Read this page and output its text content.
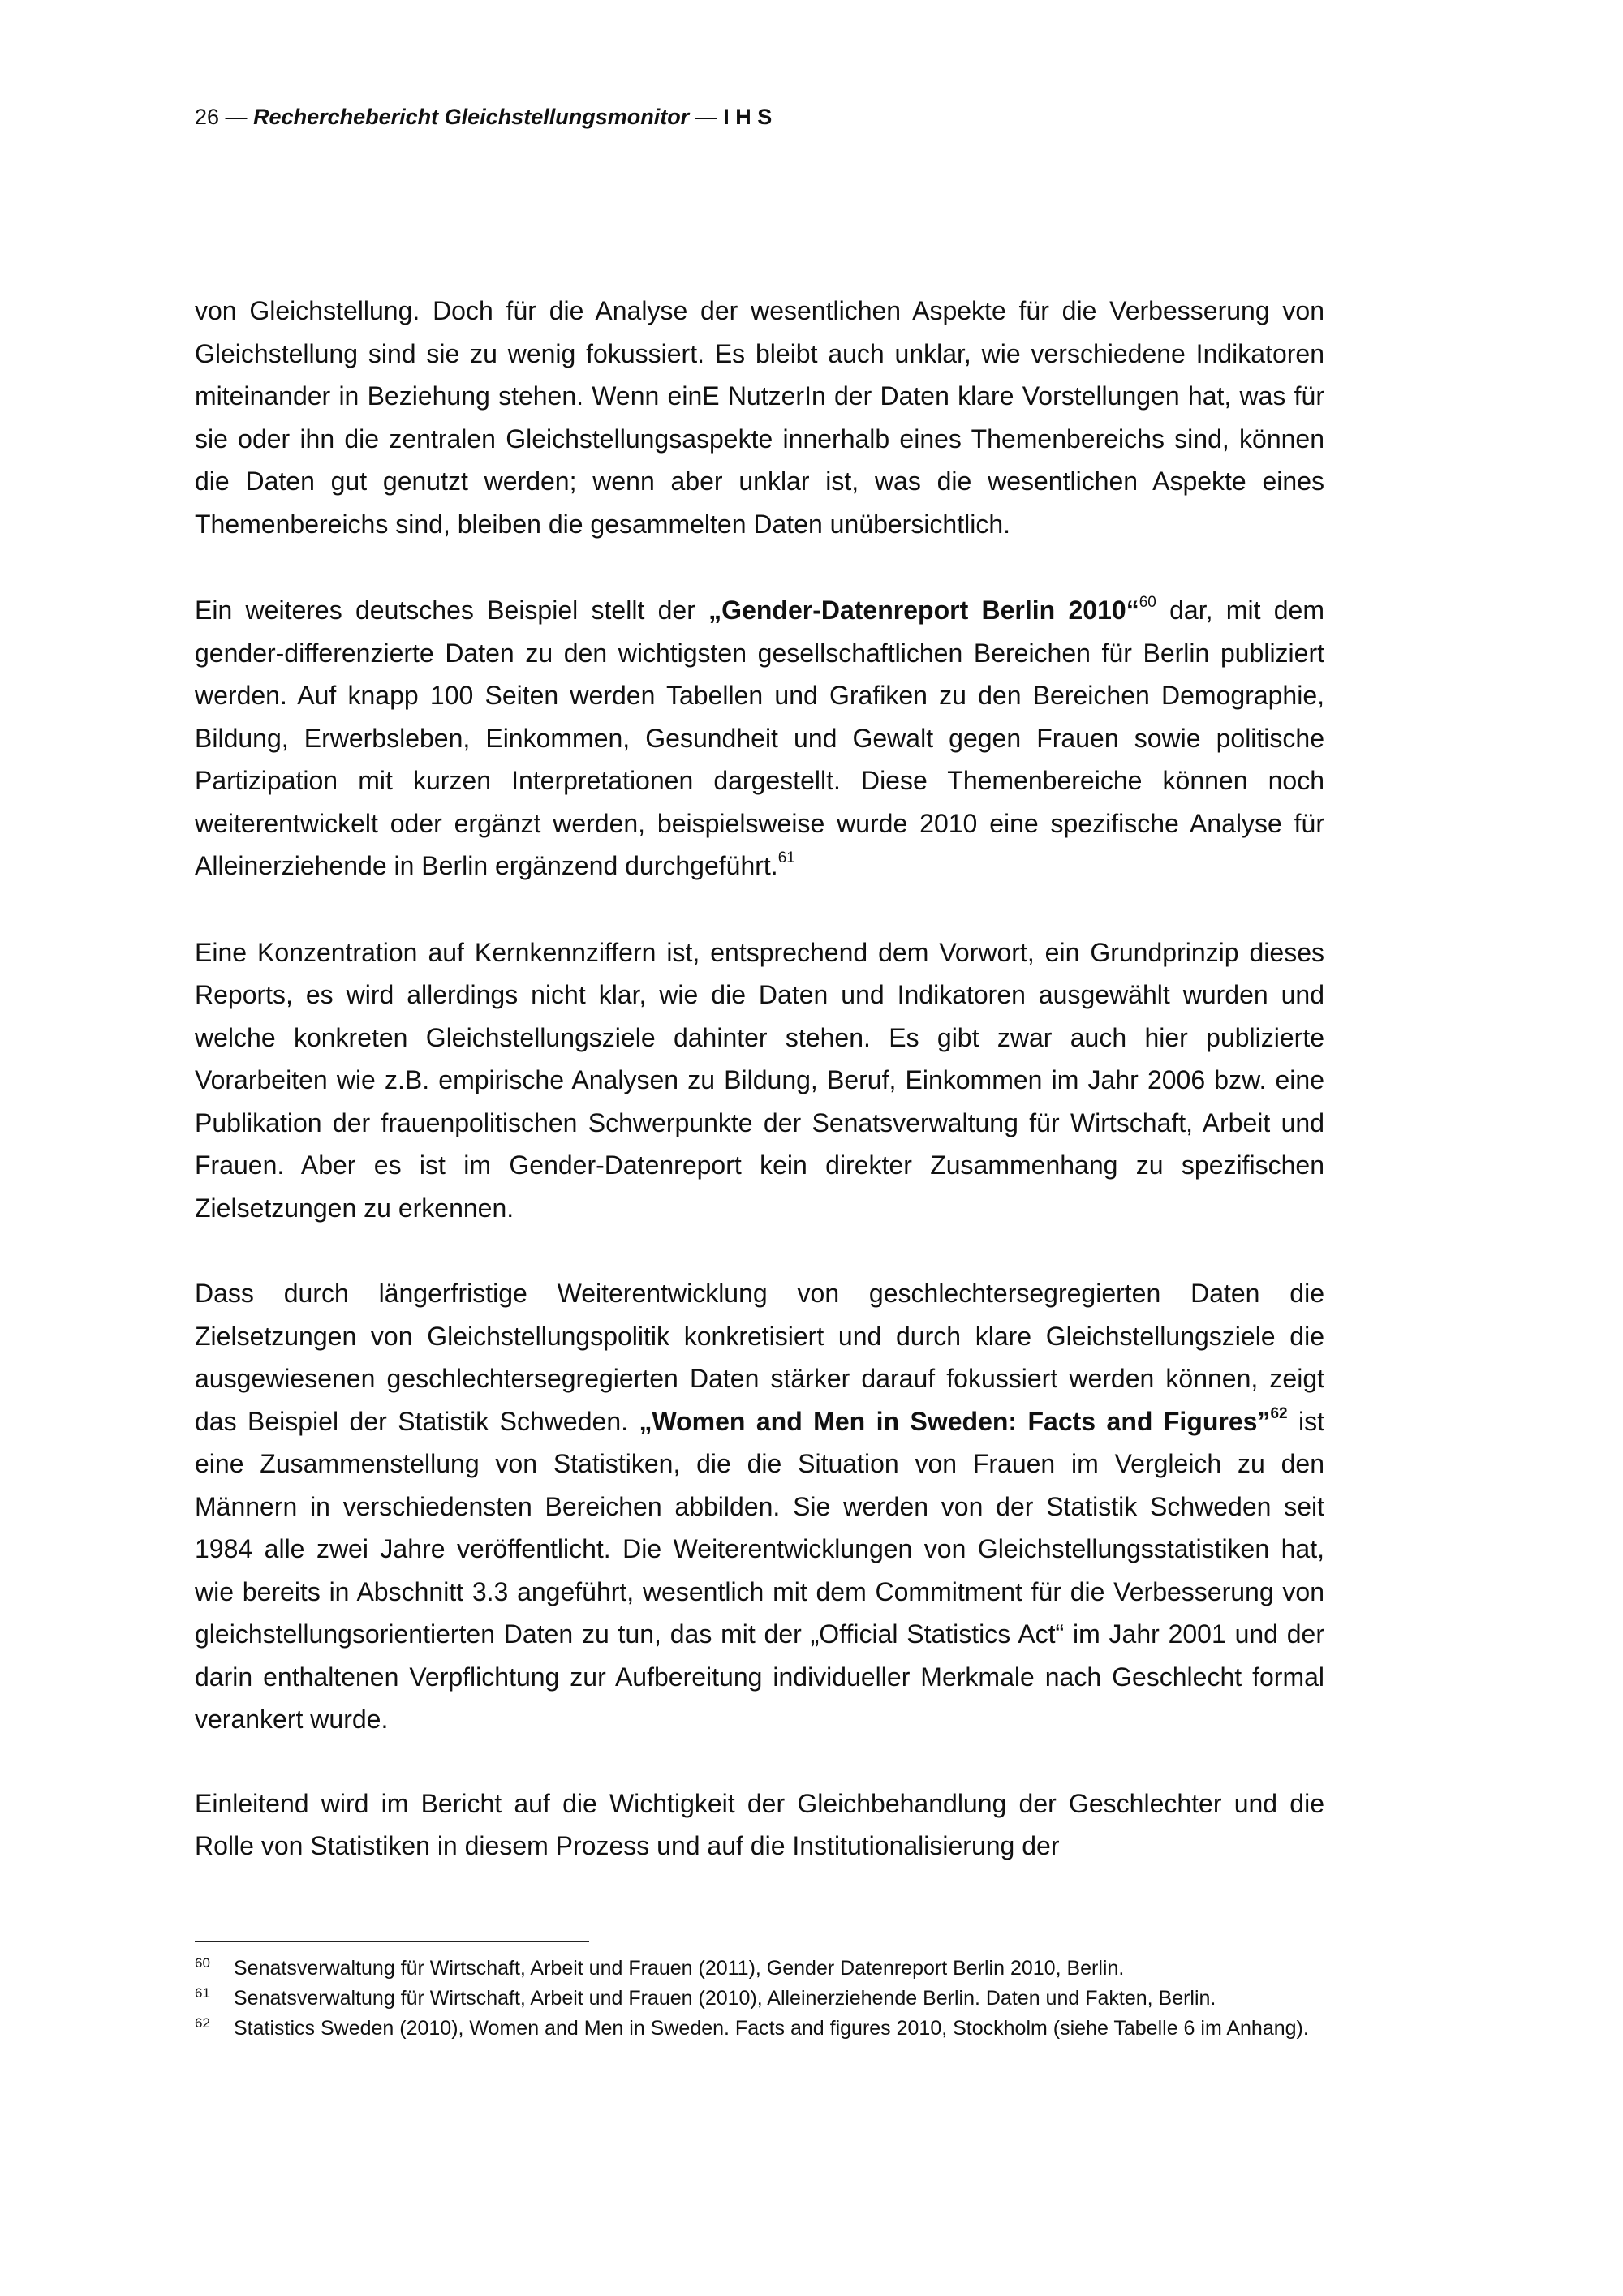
26 — Recherchebericht Gleichstellungsmonitor — I H S

von Gleichstellung. Doch für die Analyse der wesentlichen Aspekte für die Verbesserung von Gleichstellung sind sie zu wenig fokussiert. Es bleibt auch unklar, wie verschiedene Indikatoren miteinander in Beziehung stehen. Wenn einE NutzerIn der Daten klare Vorstellungen hat, was für sie oder ihn die zentralen Gleichstellungsaspekte innerhalb eines Themenbereichs sind, können die Daten gut genutzt werden; wenn aber unklar ist, was die wesentlichen Aspekte eines Themenbereichs sind, bleiben die gesammelten Daten unübersichtlich.

Ein weiteres deutsches Beispiel stellt der „Gender-Datenreport Berlin 2010“$^{60}$ dar, mit dem gender-differenzierte Daten zu den wichtigsten gesellschaftlichen Bereichen für Berlin publiziert werden. Auf knapp 100 Seiten werden Tabellen und Grafiken zu den Bereichen Demographie, Bildung, Erwerbsleben, Einkommen, Gesundheit und Gewalt gegen Frauen sowie politische Partizipation mit kurzen Interpretationen dargestellt. Diese Themenbereiche können noch weiterentwickelt oder ergänzt werden, beispielsweise wurde 2010 eine spezifische Analyse für Alleinerziehende in Berlin ergänzend durchgeführt.$^{61}$

Eine Konzentration auf Kernkennziffern ist, entsprechend dem Vorwort, ein Grundprinzip dieses Reports, es wird allerdings nicht klar, wie die Daten und Indikatoren ausgewählt wurden und welche konkreten Gleichstellungsziele dahinter stehen. Es gibt zwar auch hier publizierte Vorarbeiten wie z.B. empirische Analysen zu Bildung, Beruf, Einkommen im Jahr 2006 bzw. eine Publikation der frauenpolitischen Schwerpunkte der Senatsverwaltung für Wirtschaft, Arbeit und Frauen. Aber es ist im Gender-Datenreport kein direkter Zusammenhang zu spezifischen Zielsetzungen zu erkennen.

Dass durch längerfristige Weiterentwicklung von geschlechtersegregierten Daten die Zielsetzungen von Gleichstellungspolitik konkretisiert und durch klare Gleichstellungsziele die ausgewiesenen geschlechtersegregierten Daten stärker darauf fokussiert werden können, zeigt das Beispiel der Statistik Schweden. „Women and Men in Sweden: Facts and Figures”$^{62}$ ist eine Zusammenstellung von Statistiken, die die Situation von Frauen im Vergleich zu den Männern in verschiedensten Bereichen abbilden. Sie werden von der Statistik Schweden seit 1984 alle zwei Jahre veröffentlicht. Die Weiterentwicklungen von Gleichstellungsstatistiken hat, wie bereits in Abschnitt 3.3 angeführt, wesentlich mit dem Commitment für die Verbesserung von gleichstellungsorientierten Daten zu tun, das mit der „Official Statistics Act“ im Jahr 2001 und der darin enthaltenen Verpflichtung zur Aufbereitung individueller Merkmale nach Geschlecht formal verankert wurde.

Einleitend wird im Bericht auf die Wichtigkeit der Gleichbehandlung der Geschlechter und die Rolle von Statistiken in diesem Prozess und auf die Institutionalisierung der

60 Senatsverwaltung für Wirtschaft, Arbeit und Frauen (2011), Gender Datenreport Berlin 2010, Berlin.
61 Senatsverwaltung für Wirtschaft, Arbeit und Frauen (2010), Alleinerziehende Berlin. Daten und Fakten, Berlin.
62 Statistics Sweden (2010), Women and Men in Sweden. Facts and figures 2010, Stockholm (siehe Tabelle 6 im Anhang).
